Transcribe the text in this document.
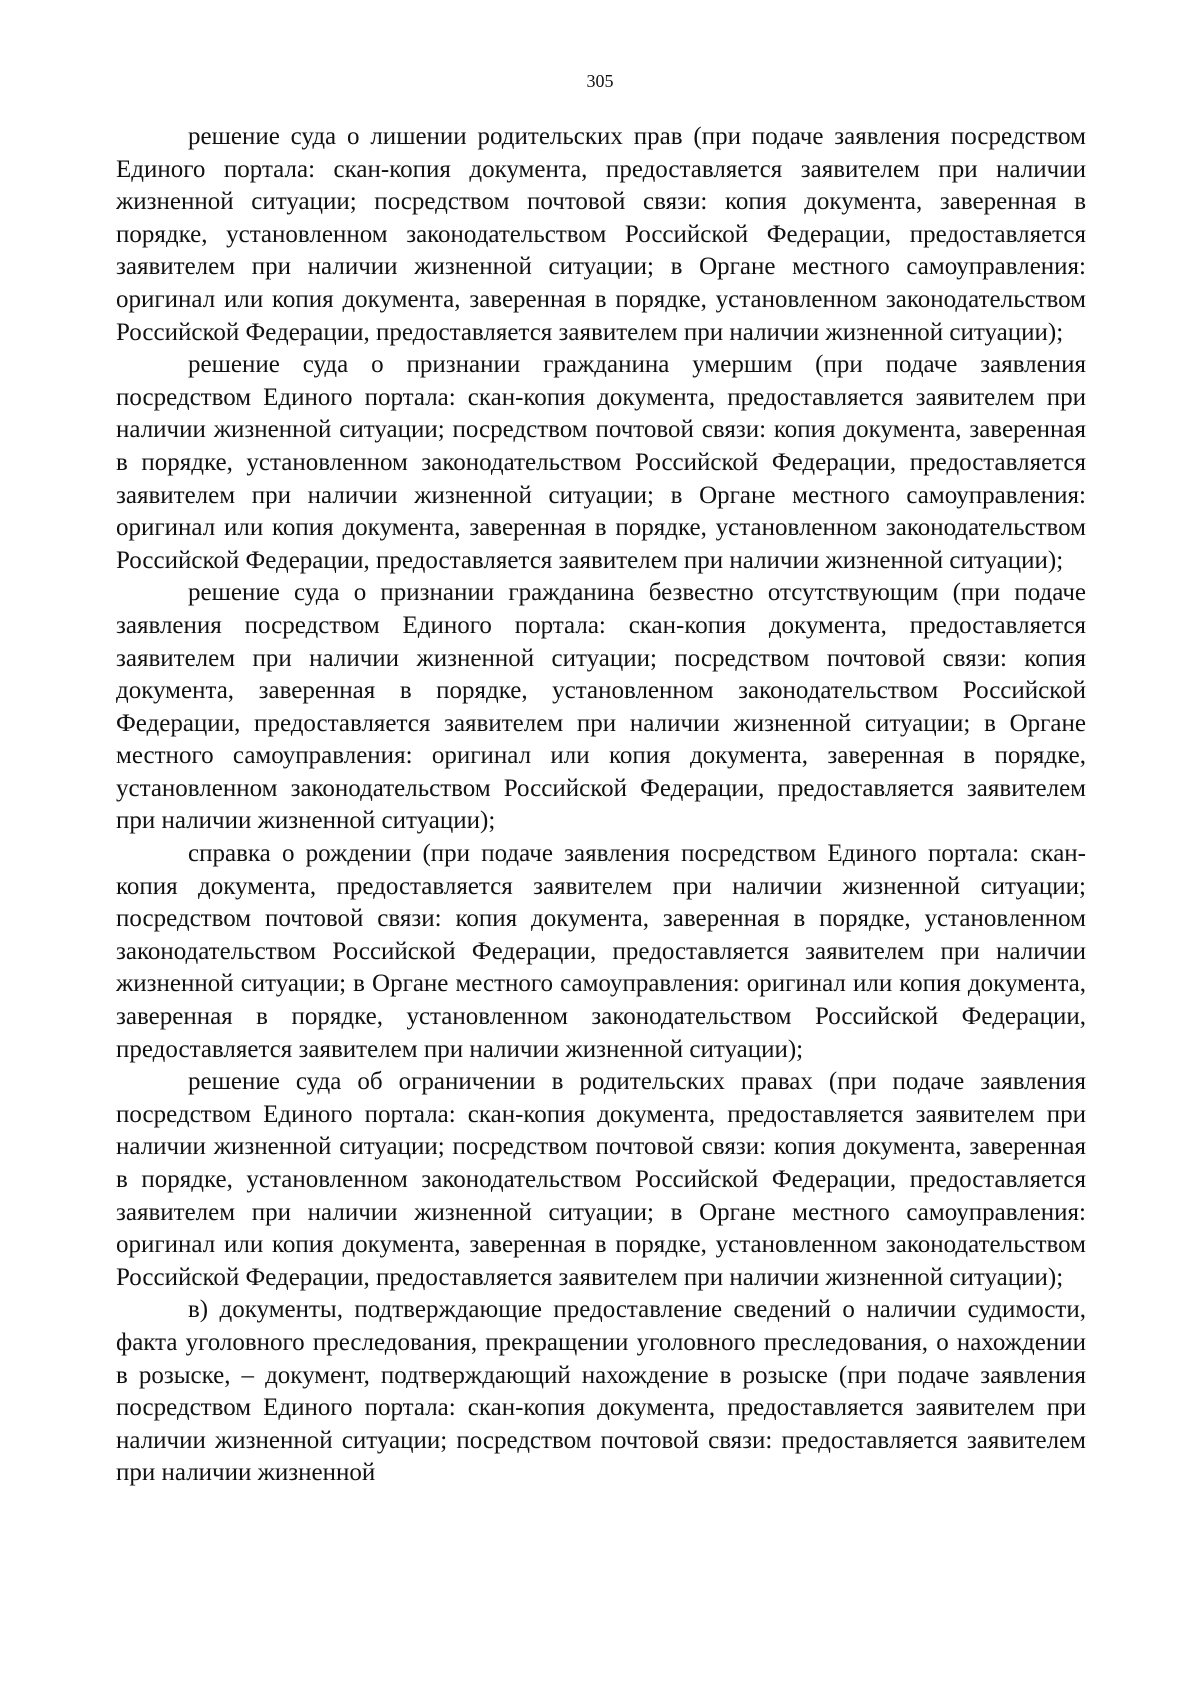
305

решение суда о лишении родительских прав (при подаче заявления посредством Единого портала: скан-копия документа, предоставляется заявителем при наличии жизненной ситуации; посредством почтовой связи: копия документа, заверенная в порядке, установленном законодательством Российской Федерации, предоставляется заявителем при наличии жизненной ситуации; в Органе местного самоуправления: оригинал или копия документа, заверенная в порядке, установленном законодательством Российской Федерации, предоставляется заявителем при наличии жизненной ситуации);

решение суда о признании гражданина умершим (при подаче заявления посредством Единого портала: скан-копия документа, предоставляется заявителем при наличии жизненной ситуации; посредством почтовой связи: копия документа, заверенная в порядке, установленном законодательством Российской Федерации, предоставляется заявителем при наличии жизненной ситуации; в Органе местного самоуправления: оригинал или копия документа, заверенная в порядке, установленном законодательством Российской Федерации, предоставляется заявителем при наличии жизненной ситуации);

решение суда о признании гражданина безвестно отсутствующим (при подаче заявления посредством Единого портала: скан-копия документа, предоставляется заявителем при наличии жизненной ситуации; посредством почтовой связи: копия документа, заверенная в порядке, установленном законодательством Российской Федерации, предоставляется заявителем при наличии жизненной ситуации; в Органе местного самоуправления: оригинал или копия документа, заверенная в порядке, установленном законодательством Российской Федерации, предоставляется заявителем при наличии жизненной ситуации);

справка о рождении (при подаче заявления посредством Единого портала: скан-копия документа, предоставляется заявителем при наличии жизненной ситуации; посредством почтовой связи: копия документа, заверенная в порядке, установленном законодательством Российской Федерации, предоставляется заявителем при наличии жизненной ситуации; в Органе местного самоуправления: оригинал или копия документа, заверенная в порядке, установленном законодательством Российской Федерации, предоставляется заявителем при наличии жизненной ситуации);

решение суда об ограничении в родительских правах (при подаче заявления посредством Единого портала: скан-копия документа, предоставляется заявителем при наличии жизненной ситуации; посредством почтовой связи: копия документа, заверенная в порядке, установленном законодательством Российской Федерации, предоставляется заявителем при наличии жизненной ситуации; в Органе местного самоуправления: оригинал или копия документа, заверенная в порядке, установленном законодательством Российской Федерации, предоставляется заявителем при наличии жизненной ситуации);

в) документы, подтверждающие предоставление сведений о наличии судимости, факта уголовного преследования, прекращении уголовного преследования, о нахождении в розыске, – документ, подтверждающий нахождение в розыске (при подаче заявления посредством Единого портала: скан-копия документа, предоставляется заявителем при наличии жизненной ситуации; посредством почтовой связи: предоставляется заявителем при наличии жизненной
